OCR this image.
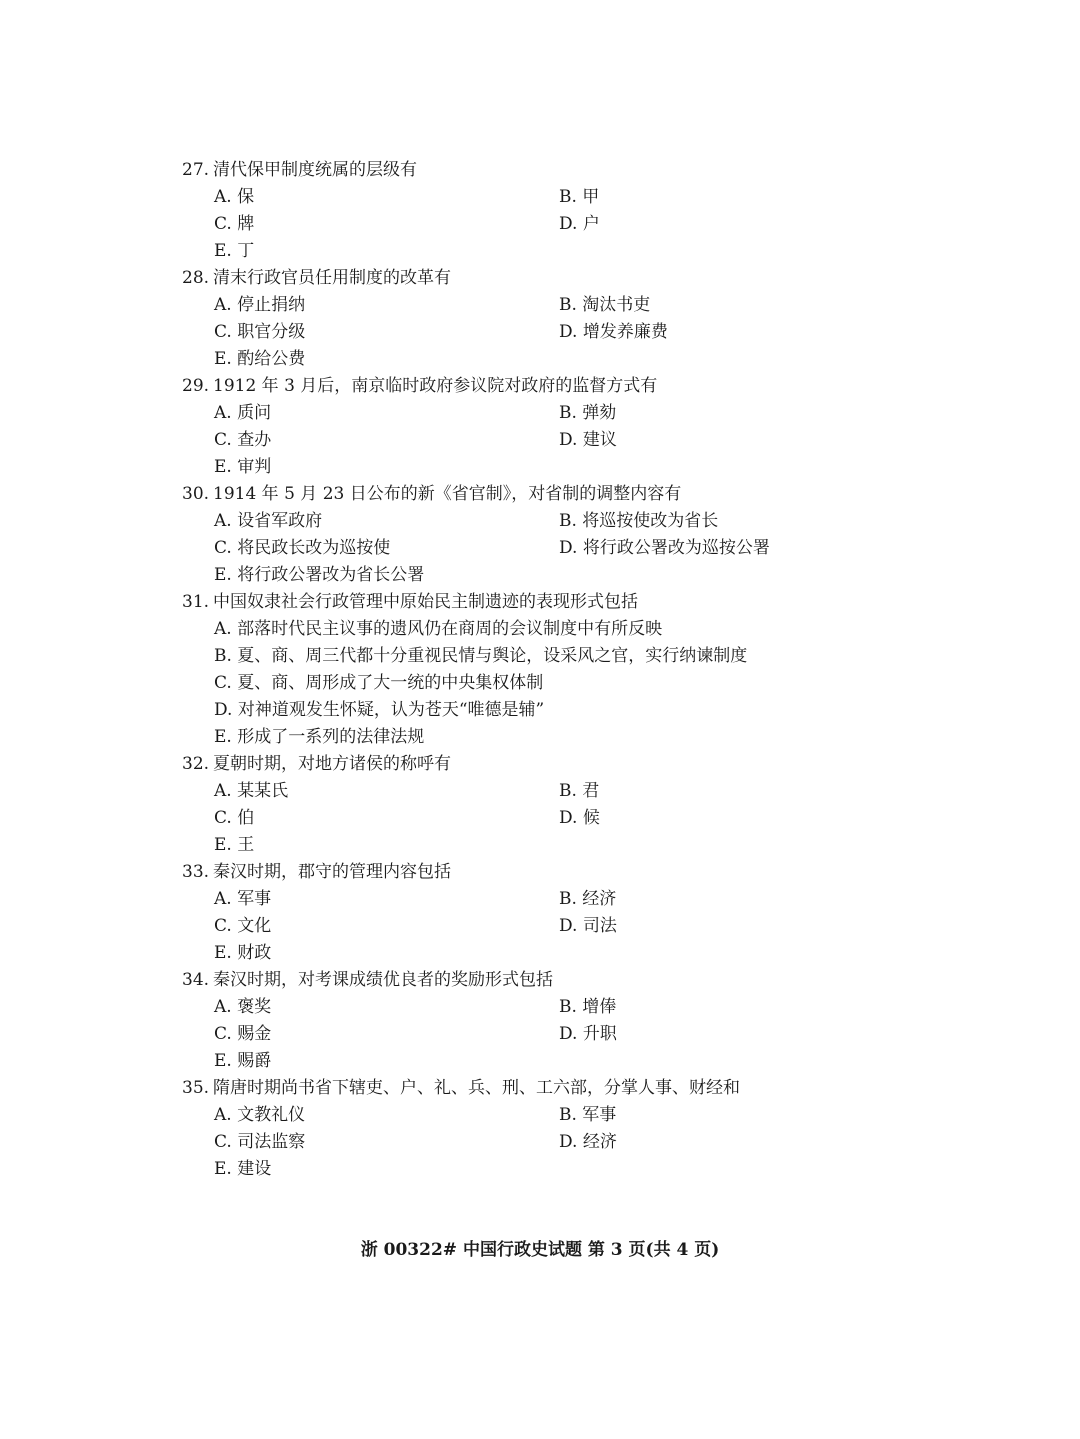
27. 清代保甲制度统属的层级有
A. 保	B. 甲
C. 牌	D. 户
E. 丁
28. 清末行政官员任用制度的改革有
A. 停止捐纳	B. 淘汰书吏
C. 职官分级	D. 增发养廉费
E. 酌给公费
29. 1912 年 3 月后，南京临时政府参议院对政府的监督方式有
A. 质问	B. 弹劾
C. 查办	D. 建议
E. 审判
30. 1914 年 5 月 23 日公布的新《省官制》，对省制的调整内容有
A. 设省军政府	B. 将巡按使改为省长
C. 将民政长改为巡按使	D. 将行政公署改为巡按公署
E. 将行政公署改为省长公署
31. 中国奴隶社会行政管理中原始民主制遗迹的表现形式包括
A. 部落时代民主议事的遗风仍在商周的会议制度中有所反映
B. 夏、商、周三代都十分重视民情与舆论，设采风之官，实行纳谏制度
C. 夏、商、周形成了大一统的中央集权体制
D. 对神道观发生怀疑，认为苍天“唯德是辅”
E. 形成了一系列的法律法规
32. 夏朝时期，对地方诸侯的称呼有
A. 某某氏	B. 君
C. 伯	D. 候
E. 王
33. 秦汉时期，郡守的管理内容包括
A. 军事	B. 经济
C. 文化	D. 司法
E. 财政
34. 秦汉时期，对考课成绩优良者的奖励形式包括
A. 褒奖	B. 增俸
C. 赐金	D. 升职
E. 赐爵
35. 隋唐时期尚书省下辖吏、户、礼、兵、刑、工六部，分掌人事、财经和
A. 文教礼仪	B. 军事
C. 司法监察	D. 经济
E. 建设
浙 00322# 中国行政史试题 第 3 页(共 4 页)
